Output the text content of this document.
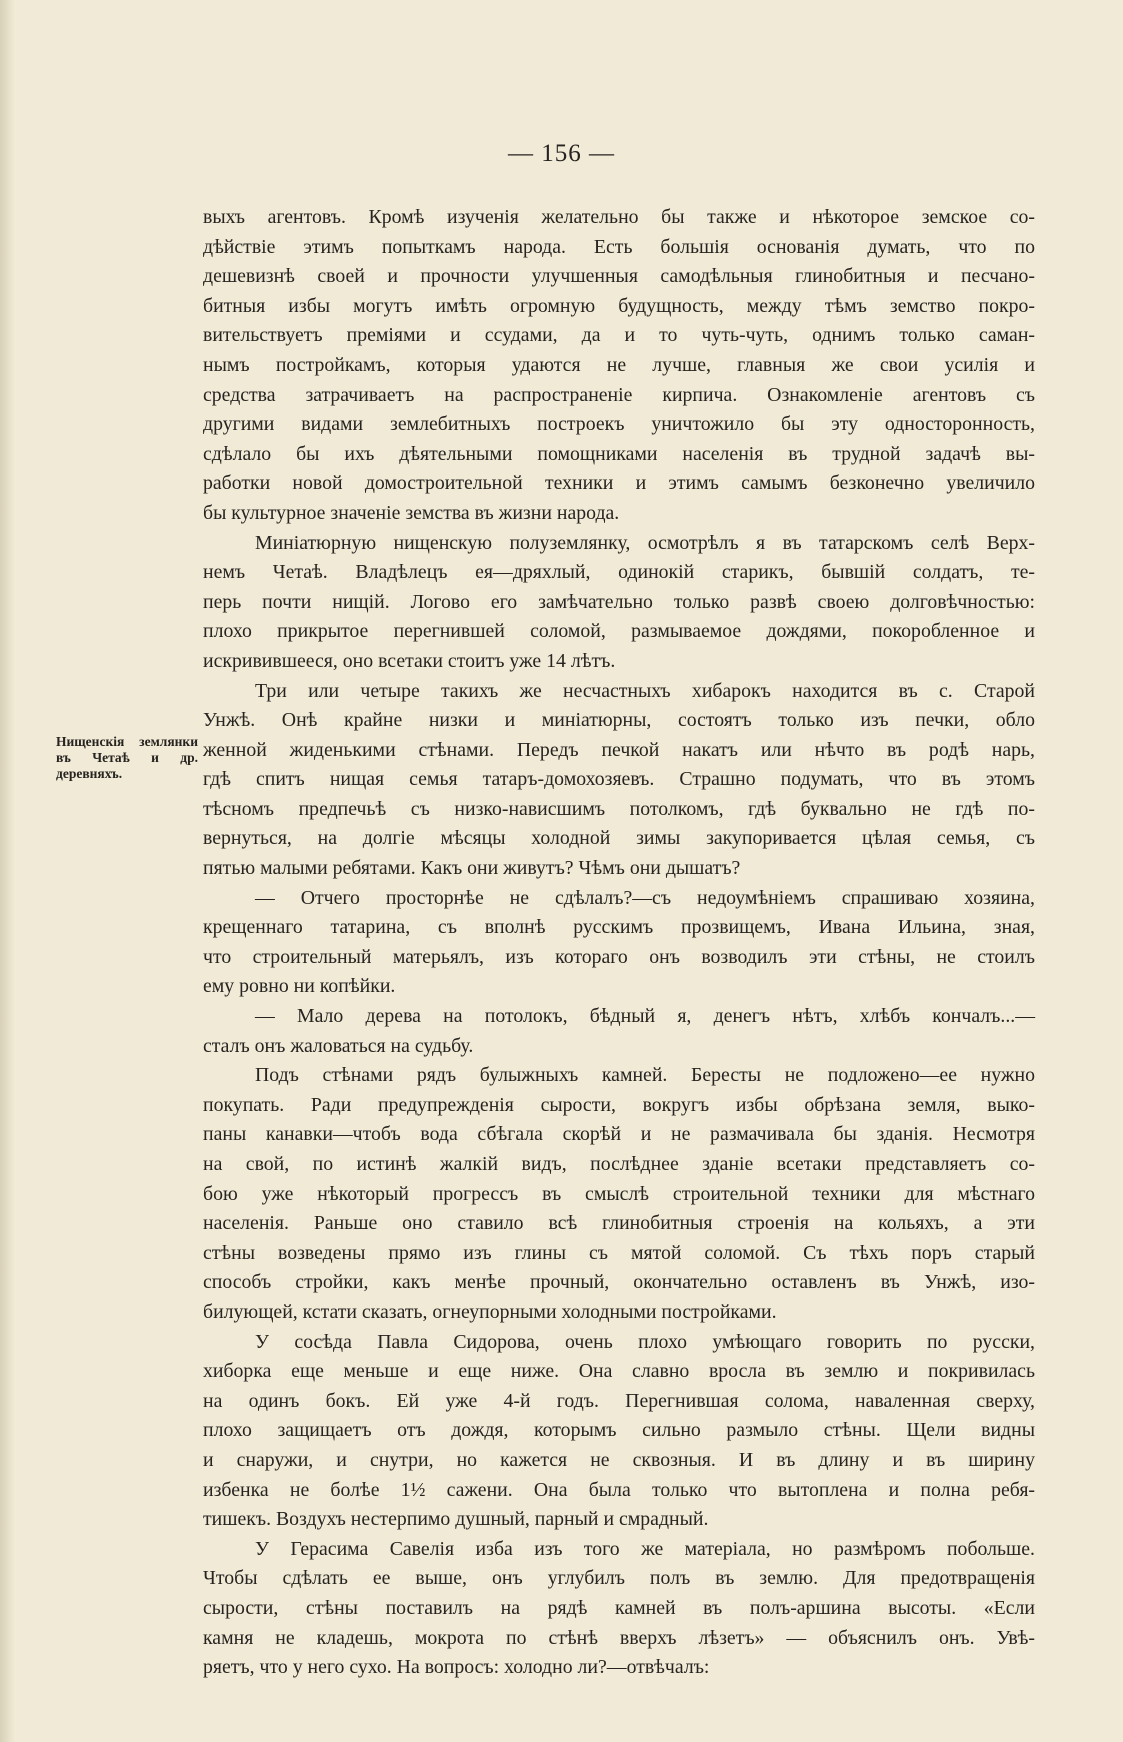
— 156 —
Нищенскія землянки въ Четаѣ и др. деревняхъ.
выхъ агентовъ. Кромѣ изученія желательно бы также и нѣкоторое земское со-
дѣйствіе этимъ попыткамъ народа. Есть большія основанія думать, что по
дешевизнѣ своей и прочности улучшенныя самодѣльныя глинобитныя и песчано-
битныя избы могутъ имѣть огромную будущность, между тѣмъ земство покро-
вительствуетъ преміями и ссудами, да и то чуть-чуть, однимъ только саман-
нымъ постройкамъ, которыя удаются не лучше, главныя же свои усилія и
средства затрачиваетъ на распространеніе кирпича. Ознакомленіе агентовъ съ
другими видами землебитныхъ построекъ уничтожило бы эту односторонность,
сдѣлало бы ихъ дѣятельными помощниками населенія въ трудной задачѣ вы-
работки новой домостроительной техники и этимъ самымъ безконечно увеличило
бы культурное значеніе земства въ жизни народа.
Миніатюрную нищенскую полуземлянку, осмотрѣлъ я въ татарскомъ селѣ Верх-
немъ Четаѣ. Владѣлецъ ея—дряхлый, одинокій старикъ, бывшій солдатъ, те-
перь почти нищій. Логово его замѣчательно только развѣ своею долговѣчностью:
плохо прикрытое перегнившей соломой, размываемое дождями, покоробленное и
искривившееся, оно всетаки стоитъ уже 14 лѣтъ.
Три или четыре такихъ же несчастныхъ хибарокъ находится въ с. Старой
Унжѣ. Онѣ крайне низки и миніатюрны, состоятъ только изъ печки, обло
женной жиденькими стѣнами. Передъ печкой накатъ или нѣчто въ родѣ нарь,
гдѣ спитъ нищая семья татаръ-домохозяевъ. Страшно подумать, что въ этомъ
тѣсномъ предпечьѣ съ низко-нависшимъ потолкомъ, гдѣ буквально не гдѣ по-
вернуться, на долгіе мѣсяцы холодной зимы закупоривается цѣлая семья, съ
пятью малыми ребятами. Какъ они живутъ? Чѣмъ они дышатъ?
— Отчего просторнѣе не сдѣлалъ?—съ недоумѣніемъ спрашиваю хозяина,
крещеннаго татарина, съ вполнѣ русскимъ прозвищемъ, Ивана Ильина, зная,
что строительный матерьялъ, изъ котораго онъ возводилъ эти стѣны, не стоилъ
ему ровно ни копѣйки.
— Мало дерева на потолокъ, бѣдный я, денегъ нѣтъ, хлѣбъ кончалъ...—
сталъ онъ жаловаться на судьбу.
Подъ стѣнами рядъ булыжныхъ камней. Бересты не подложено—ее нужно
покупать. Ради предупрежденія сырости, вокругъ избы обрѣзана земля, выко-
паны канавки—чтобъ вода сбѣгала скорѣй и не размачивала бы зданія. Несмотря
на свой, по истинѣ жалкій видъ, послѣднее зданіе всетаки представляетъ со-
бою уже нѣкоторый прогрессъ въ смыслѣ строительной техники для мѣстнаго
населенія. Раньше оно ставило всѣ глинобитныя строенія на кольяхъ, а эти
стѣны возведены прямо изъ глины съ мятой соломой. Съ тѣхъ поръ старый
способъ стройки, какъ менѣе прочный, окончательно оставленъ въ Унжѣ, изо-
билующей, кстати сказать, огнеупорными холодными постройками.
У сосѣда Павла Сидорова, очень плохо умѣющаго говорить по русски,
хиборка еще меньше и еще ниже. Она славно вросла въ землю и покривилась
на одинъ бокъ. Ей уже 4-й годъ. Перегнившая солома, наваленная сверху,
плохо защищаетъ отъ дождя, которымъ сильно размыло стѣны. Щели видны
и снаружи, и снутри, но кажется не сквозныя. И въ длину и въ ширину
избенка не болѣе 1½ сажени. Она была только что вытоплена и полна ребя-
тишекъ. Воздухъ нестерпимо душный, парный и смрадный.
У Герасима Савелія изба изъ того же матеріала, но размѣромъ побольше.
Чтобы сдѣлать ее выше, онъ углубилъ полъ въ землю. Для предотвращенія
сырости, стѣны поставилъ на рядѣ камней въ полъ-аршина высоты. «Если
камня не кладешь, мокрота по стѣнѣ вверхъ лѣзетъ» — объяснилъ онъ. Увѣ-
ряетъ, что у него сухо. На вопросъ: холодно ли?—отвѣчалъ:
